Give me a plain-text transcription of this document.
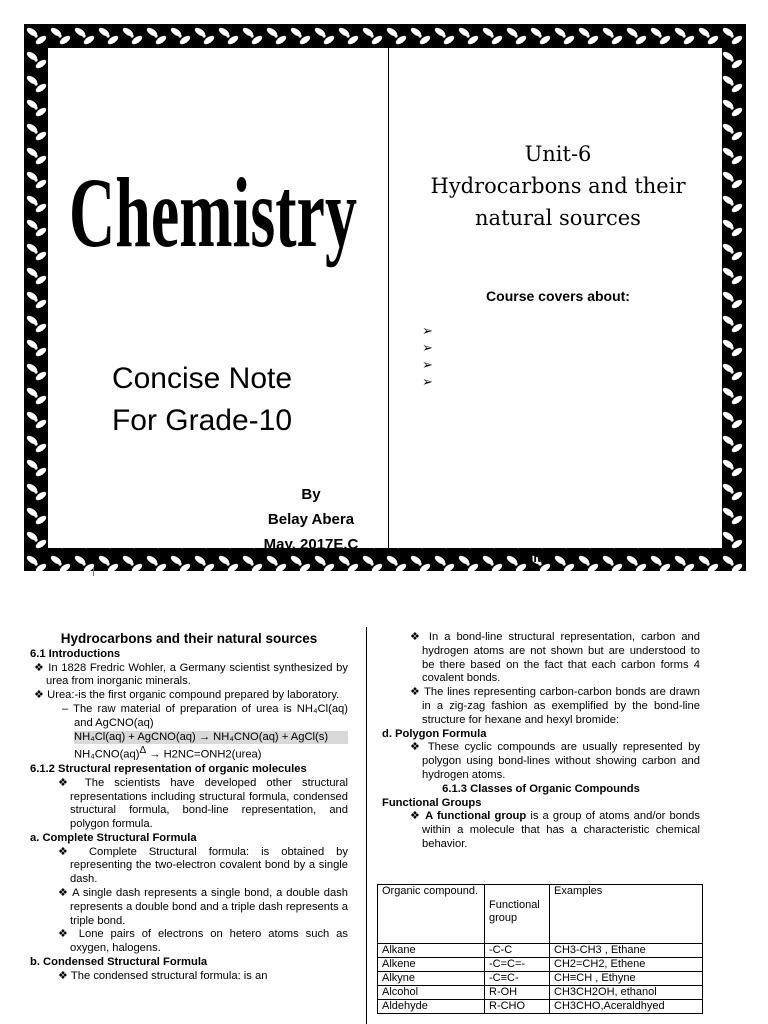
Chemistry
Concise Note
For Grade-10
By
Belay Abera
May, 2017E.C
Unit-6
Hydrocarbons and their
natural sources
Course covers about:
➢
➢
➢
➢
Unit-6

Hydrocarbons and their natural sources

6.1 Introductions

❖ In 1828 Fredric Wohler, a Germany scientist synthesized by urea from inorganic minerals.

❖ Urea:-is the first organic compound prepared by laboratory.

– The raw material of preparation of urea is NH₄Cl(aq) and AgCNO(aq)

NH₄Cl(aq) + AgCNO(aq) → NH₄CNO(aq) + AgCl(s)

NH₄CNO(aq)$^\Delta$ → H2NC=ONH2(urea)

6.1.2 Structural representation of organic molecules

❖ The scientists have developed other structural representations including structural formula, condensed structural formula, bond-line representation, and polygon formula.

a. Complete Structural Formula

❖ Complete Structural formula: is obtained by representing the two-electron covalent bond by a single dash.

❖ A single dash represents a single bond, a double dash represents a double bond and a triple dash represents a triple bond.

❖ Lone pairs of electrons on hetero atoms such as oxygen, halogens.

b. Condensed Structural Formula

❖ The condensed structural formula: is an

❖ In a bond-line structural representation, carbon and hydrogen atoms are not shown but are understood to be there based on the fact that each carbon forms 4 covalent bonds.

❖ The lines representing carbon-carbon bonds are drawn in a zig-zag fashion as exemplified by the bond-line structure for hexane and hexyl bromide:

d. Polygon Formula

❖ These cyclic compounds are usually represented by polygon using bond-lines without showing carbon and hydrogen atoms.

6.1.3 Classes of Organic Compounds

Functional Groups

❖ A functional group is a group of atoms and/or bonds within a molecule that has a characteristic chemical behavior.

Organic compound.	Functional group	Examples
Alkane	-C-C	CH3-CH3 , Ethane
Alkene	-C=C=-	CH2=CH2, Ethene
Alkyne	-C≡C-	CH≡CH , Ethyne
Alcohol	R-OH	CH3CH2OH, ethanol
Aldehyde	R-CHO	CH3CHO,Aceraldhyed
